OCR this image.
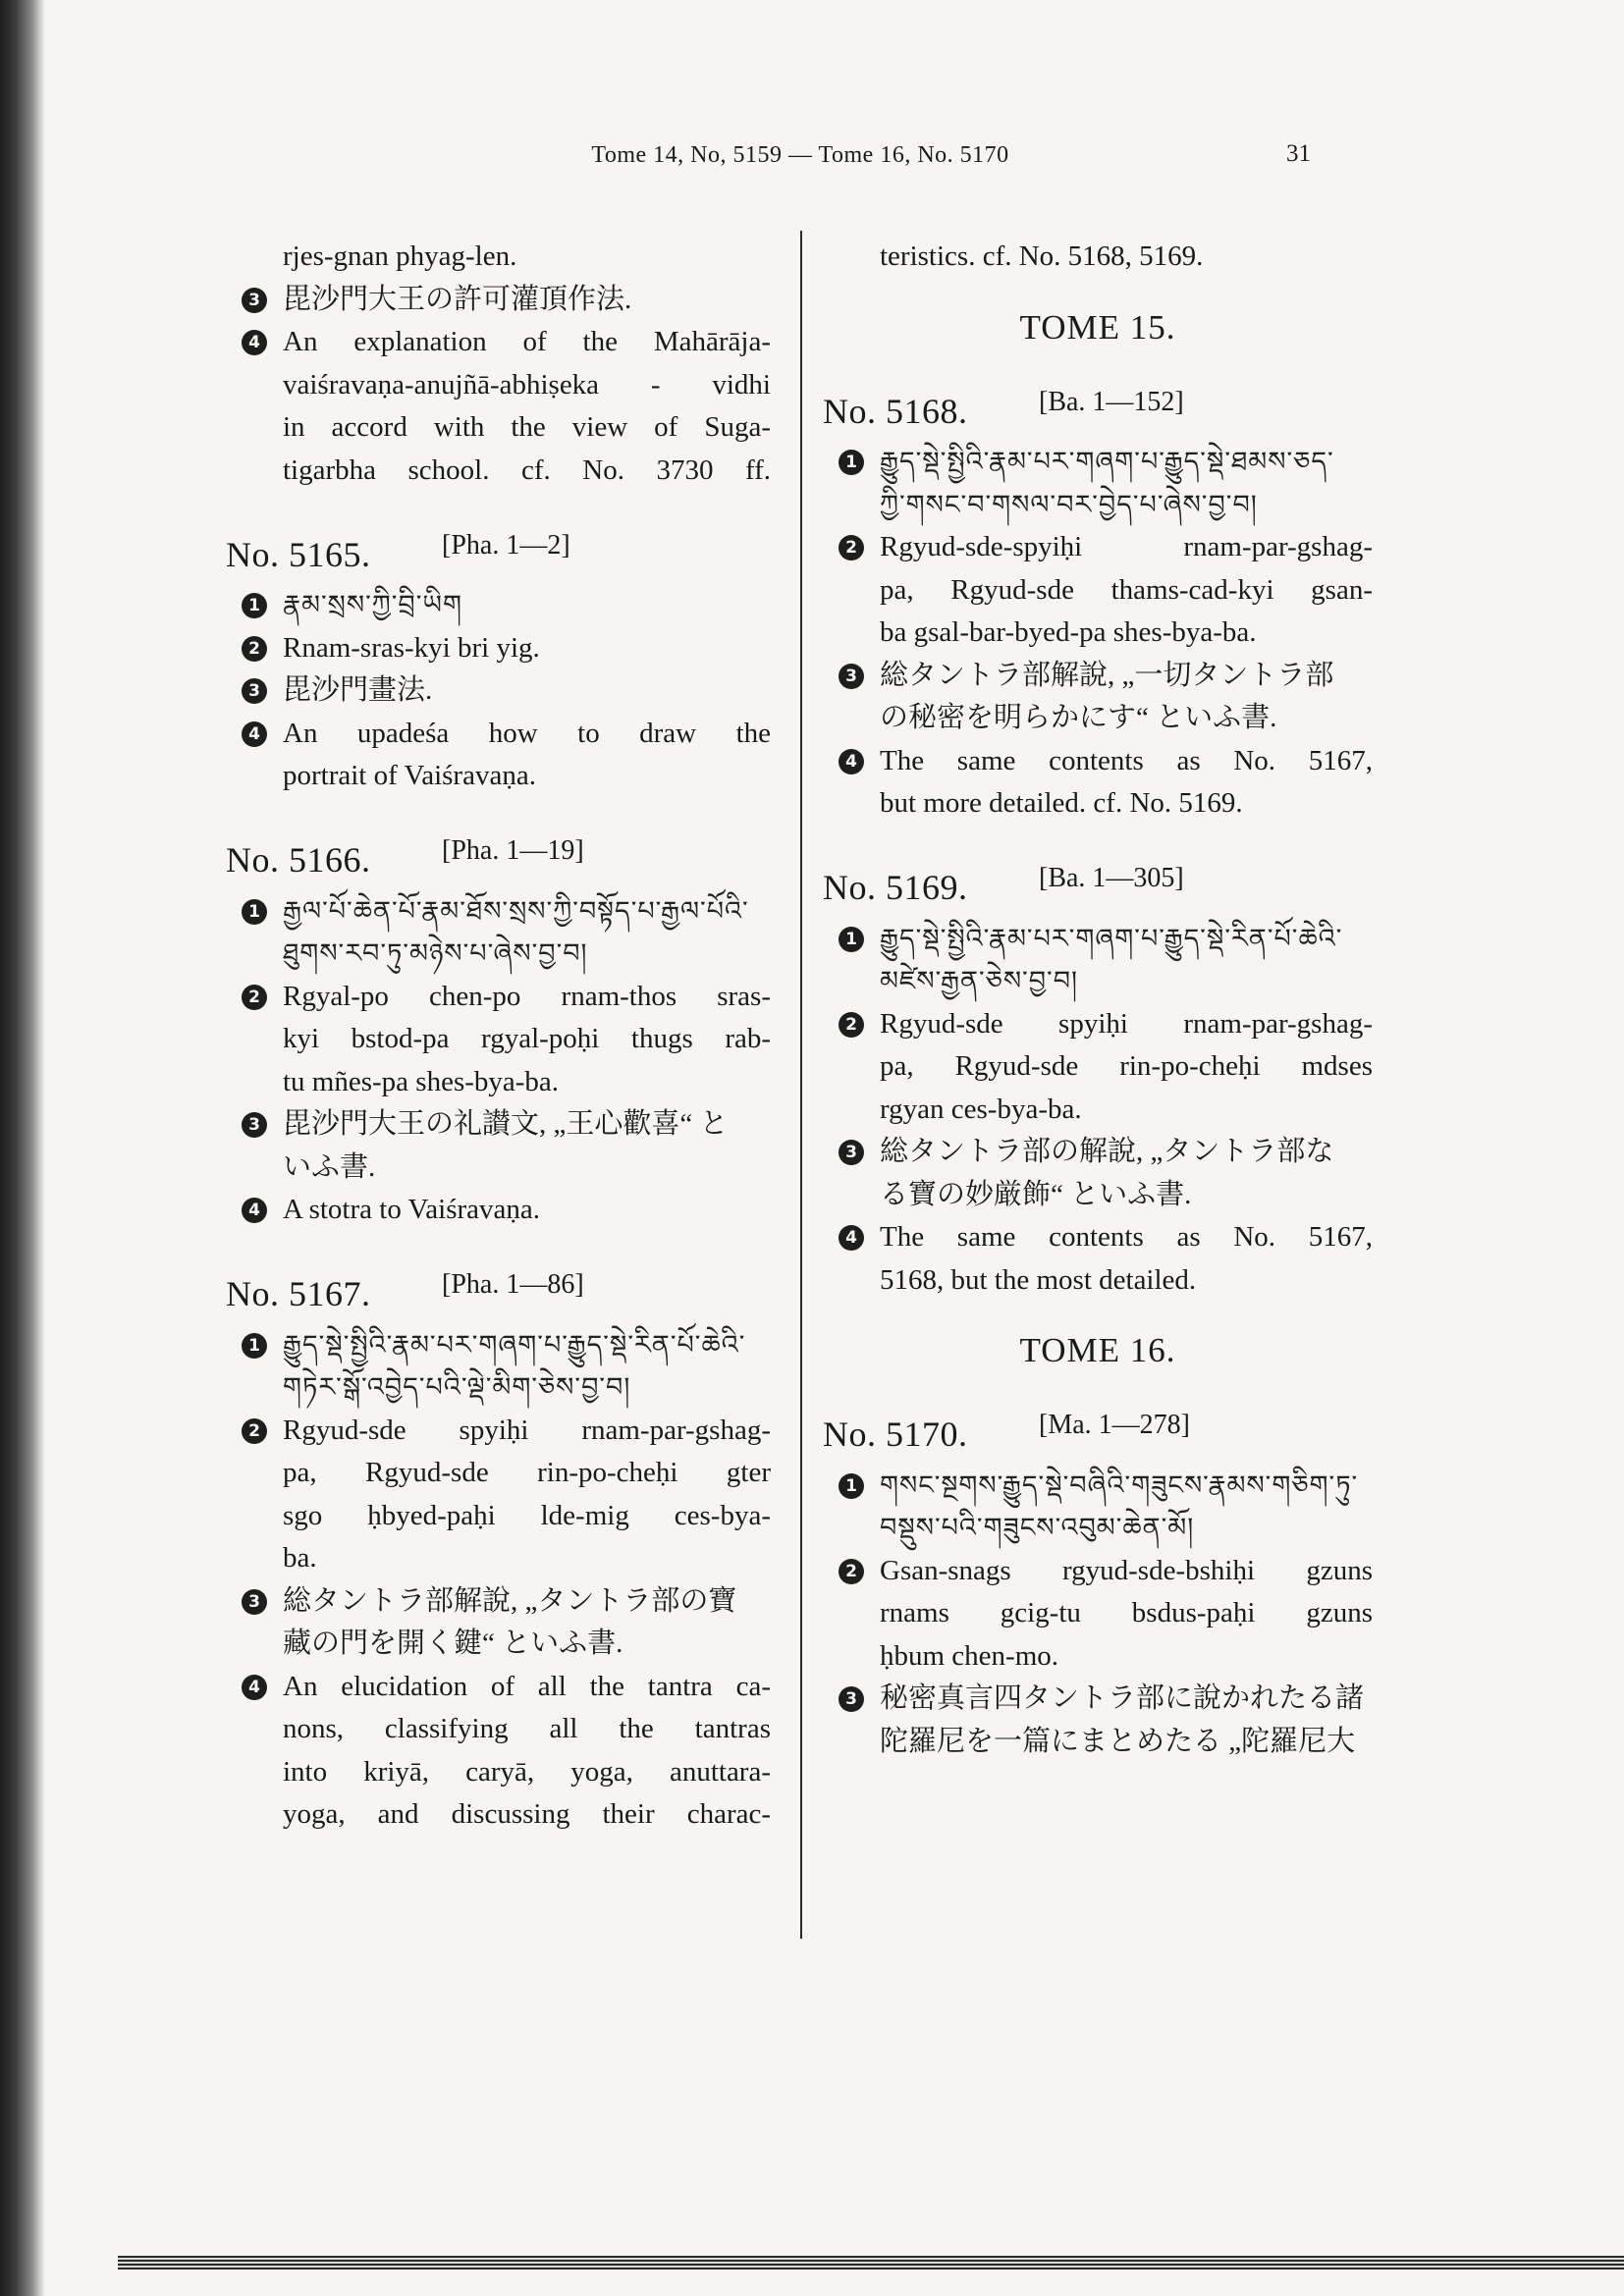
Tome 14, No, 5159 — Tome 16, No. 5170	31
rjes-gnan phyag-len.
3 毘沙門大王の許可灌頂作法.
4 An explanation of the Mahārāja-
vaiśravaṇa-anujñā-abhiṣeka - vidhi
in accord with the view of Suga-
tigarbha school. cf. No. 3730 ff.
No. 5165.	[Pha. 1—2]
1 རྣམ་སྲས་ཀྱི་བྲི་ཡིག
2 Rnam-sras-kyi bri yig.
3 毘沙門畫法.
4 An upadeśa how to draw the
portrait of Vaiśravaṇa.
No. 5166.	[Pha. 1—19]
1 རྒྱལ་པོ་ཆེན་པོ་རྣམ་ཐོས་སྲས་ཀྱི་བསྟོད་པ་རྒྱལ་པོའི་
ཐུགས་རབ་ཏུ་མཉེས་པ་ཞེས་བྱ་བ།
2 Rgyal-po chen-po rnam-thos sras-
kyi bstod-pa rgyal-poḥi thugs rab-
tu mñes-pa shes-bya-ba.
3 毘沙門大王の礼讃文, „王心歡喜“ と
いふ書.
4 A stotra to Vaiśravaṇa.
No. 5167.	[Pha. 1—86]
1 རྒྱུད་སྡེ་སྤྱིའི་རྣམ་པར་གཞག་པ་རྒྱུད་སྡེ་རིན་པོ་ཆེའི་
གཏེར་སྒོ་འབྱེད་པའི་ལྡེ་མིག་ཅེས་བྱ་བ།
2 Rgyud-sde spyiḥi rnam-par-gshag-
pa, Rgyud-sde rin-po-cheḥi gter
sgo ḥbyed-paḥi lde-mig ces-bya-
ba.
3 総タントラ部解說, „タントラ部の寶
藏の門を開く鍵“ といふ書.
4 An elucidation of all the tantra ca-
nons, classifying all the tantras
into kriyā, caryā, yoga, anuttara-
yoga, and discussing their charac-
teristics. cf. No. 5168, 5169.
TOME 15.
No. 5168.	[Ba. 1—152]
1 རྒྱུད་སྡེ་སྤྱིའི་རྣམ་པར་གཞག་པ་རྒྱུད་སྡེ་ཐམས་ཅད་
ཀྱི་གསང་བ་གསལ་བར་བྱེད་པ་ཞེས་བྱ་བ།
2 Rgyud-sde-spyiḥi rnam-par-gshag-
pa, Rgyud-sde thams-cad-kyi gsan-
ba gsal-bar-byed-pa shes-bya-ba.
3 総タントラ部解說, „一切タントラ部
の秘密を明らかにす“ といふ書.
4 The same contents as No. 5167,
but more detailed. cf. No. 5169.
No. 5169.	[Ba. 1—305]
1 རྒྱུད་སྡེ་སྤྱིའི་རྣམ་པར་གཞག་པ་རྒྱུད་སྡེ་རིན་པོ་ཆེའི་
མཛེས་རྒྱན་ཅེས་བྱ་བ།
2 Rgyud-sde spyiḥi rnam-par-gshag-
pa, Rgyud-sde rin-po-cheḥi mdses
rgyan ces-bya-ba.
3 総タントラ部の解說, „タントラ部な
る寶の妙厳飾“ といふ書.
4 The same contents as No. 5167,
5168, but the most detailed.
TOME 16.
No. 5170.	[Ma. 1—278]
1 གསང་སྔགས་རྒྱུད་སྡེ་བཞིའི་གཟུངས་རྣམས་གཅིག་ཏུ་
བསྡུས་པའི་གཟུངས་འབུམ་ཆེན་མོ།
2 Gsan-snags rgyud-sde-bshiḥi gzuns
rnams gcig-tu bsdus-paḥi gzuns
ḥbum chen-mo.
3 秘密真言四タントラ部に說かれたる諸
陀羅尼を一篇にまとめたる „陀羅尼大
